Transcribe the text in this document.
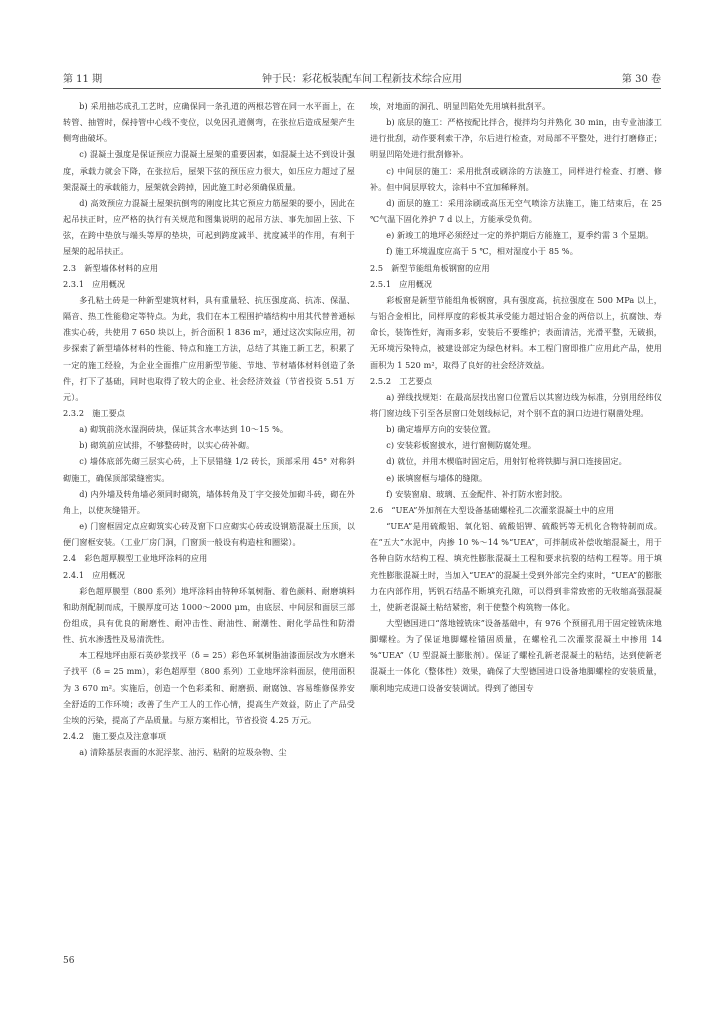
第 11 期	钟于民：彩花板装配车间工程新技术综合应用	第 30 卷

b) 采用抽芯成孔工艺时，应确保同一条孔道的两根芯管在同一水平面上，在转管、抽管时，保持管中心线不变位，以免因孔道侧弯，在张拉后造成屋架产生侧弯曲破坏。

c) 混凝土强度是保证预应力混凝土屋架的重要因素，如混凝土达不到设计强度，承载力就会下降，在张拉后，屋架下弦的预压应力很大，如压应力超过了屋架混凝土的承载能力，屋架就会跨掉，因此施工时必须确保质量。

d) 高效预应力混凝土屋架抗倒弯的刚度比其它预应力筋屋架的要小，因此在起吊扶正时，应严格的执行有关规范和图集说明的起吊方法、事先加固上弦、下弦，在跨中垫放与端头等厚的垫块，可起到跨度减半、扰度减半的作用，有利于屋架的起吊扶正。

2.3　新型墙体材料的应用

2.3.1　应用概况

多孔粘土砖是一种新型建筑材料，具有重量轻、抗压强度高、抗冻、保温、隔音、热工性能稳定等特点。为此，我们在本工程围护墙结构中用其代替普通标准实心砖，共使用 7 650 块以上，折合面积 1 836 m²，通过这次实际应用，初步探索了新型墙体材料的性能、特点和施工方法，总结了其施工新工艺，积累了一定的施工经验，为企业全面推广应用新型节能、节地、节材墙体材料创造了条件，打下了基础，同时也取得了较大的企业、社会经济效益（节省投资 5.51 万元）。

2.3.2　施工要点

a) 砌筑前浇水湿润砖块，保证其含水率达到 10～15 %。

b) 砌筑前应试排，不够整砖时，以实心砖补砌。

c) 墙体底部先砌三层实心砖，上下层错缝 1/2 砖长，顶部采用 45° 对称斜砌施工，确保顶部梁缝密实。

d) 内外墙及转角墙必须同时砌筑，墙体转角及丁字交接处加砌斗砖，砌在外角上，以使灰缝错开。

e) 门窗框固定点应砌筑实心砖及窗下口应砌实心砖或设钢筋混凝土压顶，以便门窗框安装。（工业厂房门洞，门窗顶一般设有构造柱和圈梁）。

2.4　彩色超厚膜型工业地坪涂料的应用

2.4.1　应用概况

彩色超厚膜型（800 系列）地坪涂料由特种环氧树脂、着色颜料、耐磨填料和助剂配制而成，干膜厚度可达 1000～2000 μm，由底层、中间层和面层三部份组成，具有优良的耐磨性、耐冲击性、耐油性、耐潮性、耐化学品性和防滑性、抗水渗透性及易清洗性。

本工程地坪由原石英砂浆找平（δ = 25）彩色环氧树脂油漆面层改为水磨米子找平（δ = 25 mm），彩色超厚型（800 系列）工业地坪涂料面层，使用面积为 3 670 m²。实施后，创造一个色彩柔和、耐磨损、耐腐蚀、容易维修保养安全舒适的工作环境；改善了生产工人的工作心情，提高生产效益，防止了产品受尘埃的污染，提高了产品质量。与原方案相比，节省投资 4.25 万元。

2.4.2　施工要点及注意事项

a) 清除基层表面的水泥浮浆、油污、粘附的垃圾杂物、尘

埃，对地面的洞孔、明显凹陷处先用填料批刮平。

b) 底层的施工：严格按配比拌合，搅拌均匀并熟化 30 min，由专业油漆工进行批刮，动作要利索干净，尔后进行检查，对局部不平整处，进行打磨修正；明显凹陷处进行批刮修补。

c) 中间层的施工：采用批刮或刷涂的方法施工，同样进行检查、打磨、修补。但中间层厚较大，涂料中不宜加稀释剂。

d) 面层的施工：采用涂刷或高压无空气喷涂方法施工，施工结束后，在 25 ℃气温下固化养护 7 d 以上，方能承受负荷。

e) 新竣工的地坪必须经过一定的养护期后方能施工，夏季约需 3 个星期。

f) 施工环境温度应高于 5 ℃，相对湿度小于 85 %。

2.5　新型节能组角板钢窗的应用

2.5.1　应用概况

彩板窗是新型节能组角板钢窗，具有强度高，抗拉强度在 500 MPa 以上，与铝合金相比，同样厚度的彩板其承受能力超过铝合金的两倍以上，抗腐蚀、寿命长，装饰性好，淘雨多彩，安装后不要维护；表面清洁，光滑平整，无破损，无环境污染特点，被建设部定为绿色材料。本工程门窗即推广应用此产品，使用面积为 1 520 m²，取得了良好的社会经济效益。

2.5.2　工艺要点

a) 弹线找规矩：在最高层找出窗口位置后以其窗边线为标准，分别用经纬仪将门窗边线下引至各层窗口处划线标记，对个别不直的洞口边进行剔凿处理。

b) 确定墙厚方向的安装位置。

c) 安装彩板窗披水，进行窗侧防腐处理。

d) 就位，并用木楔临时固定后，用射钉枪将铁脚与洞口连接固定。

e) 嵌填窗框与墙体的缝隙。

f) 安装窗扇、玻璃、五金配件、补打防水密封胶。

2.6　“UEA”外加剂在大型设备基础螺栓孔二次灌浆混凝土中的应用

“UEA”是用硫酸铝、氧化铝、硫酸铝钾、硫酸钙等无机化合物特制而成。在“五大”水泥中，内掺 10 %～14 %“UEA”，可拌制成补偿收缩混凝土，用于各种自防水结构工程、填充性膨胀混凝土工程和要求抗裂的结构工程等。用于填充性膨胀混凝土时，当加入“UEA”的混凝土受到外部完全约束时，“UEA”的膨胀力在内部作用，钙钒石结晶不断填充孔隙，可以得到非常致密的无收缩高强混凝土，使新老混凝土粘结紧密，利于使整个构筑物一体化。

大型德国进口“落地镗铣床”设备基础中，有 976 个预留孔用于固定镗铣床地脚螺栓。为了保证地脚螺栓锚固质量，在螺栓孔二次灌浆混凝土中掺用 14 %“UEA”（U 型混凝土膨胀剂）。保证了螺栓孔新老混凝土的粘结，达到使新老混凝土一体化（整体性）效果，确保了大型德国进口设备地脚螺栓的安装质量，顺利地完成进口设备安装调试。得到了德国专

56
